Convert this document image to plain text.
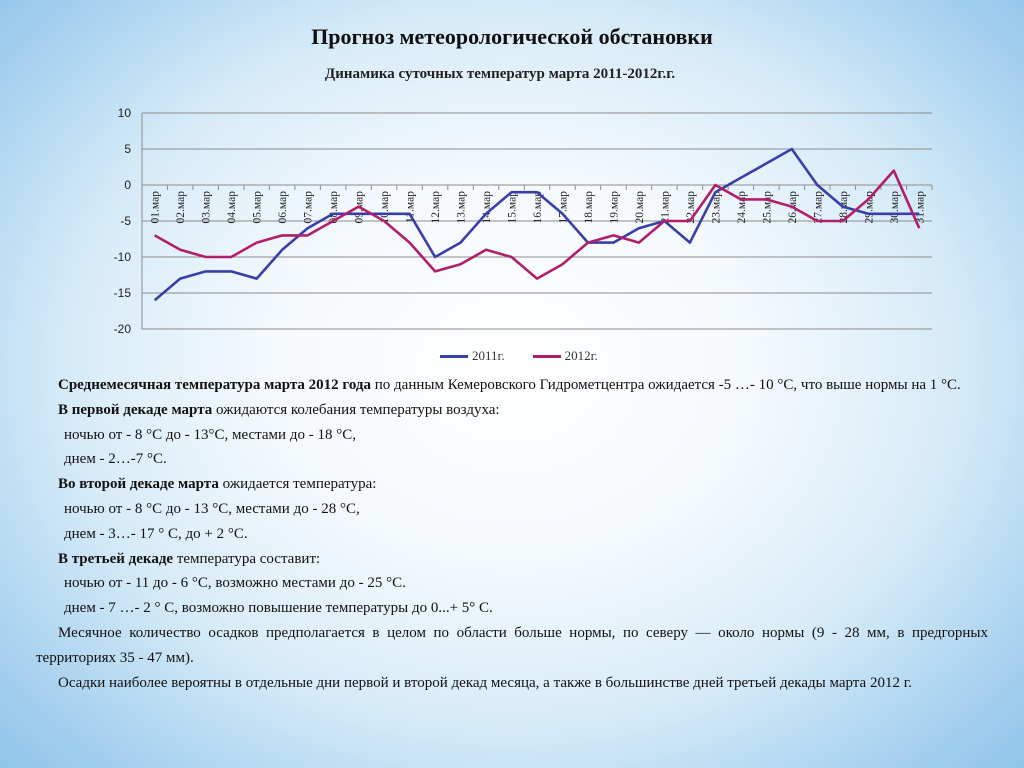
Прогноз метеорологической обстановки
Динамика суточных температур марта 2011-2012г.г.
10
5
0
-5
-10
-15
-20
01.мар 02.мар 03.мар 04.мар 05.мар 06.мар 07.мар 08.мар 09.мар 10.мар 11.мар 12.мар 13.мар 14.мар 15.мар 16.мар 17.мар 18.мар 19.мар 20.мар 21.мар 22.мар 23.мар 24.мар 25.мар 26.мар 27.мар 28.мар 29.мар 30.мар 31.мар
2011г.	2012г.

Среднемесячная температура марта 2012 года по данным Кемеровского Гидрометцентра ожидается -5 …- 10 °С, что выше нормы на 1 °С.

В первой декаде марта ожидаются колебания температуры воздуха:

ночью от - 8 °С до - 13°С, местами до - 18 °С,

днем - 2…-7 °С.

Во второй декаде марта ожидается температура:

ночью от - 8 °С до - 13 °С, местами до - 28 °С,

днем - 3…- 17 ° С, до + 2 °С.

В третьей декаде температура составит:

ночью от - 11 до - 6 °С, возможно местами до - 25 °С.

днем - 7 …- 2 ° С, возможно повышение температуры до 0...+ 5° С.

Месячное количество осадков предполагается в целом по области больше нормы, по северу — около нормы (9 - 28 мм, в предгорных территориях 35 - 47 мм).

Осадки наиболее вероятны в отдельные дни первой и второй декад месяца, а также в большинстве дней третьей декады марта 2012 г.
